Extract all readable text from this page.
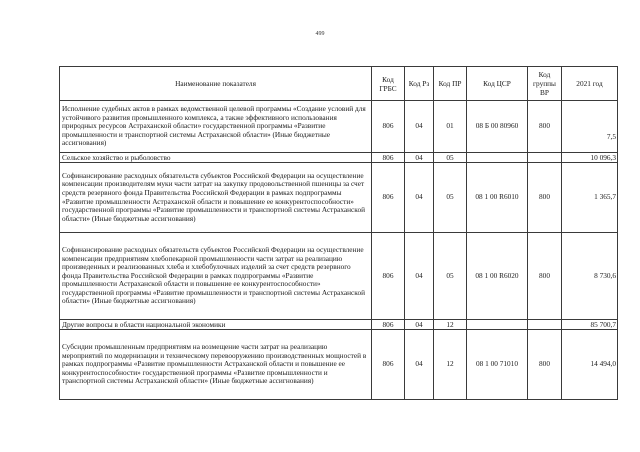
499
Наименование показателя	Код ГРБС	Код Рз	Код ПР	Код ЦСР	Код группы ВР	2021 год
Исполнение судебных актов в рамках ведомственной целевой программы «Создание условий для устойчивого развития промышленного комплекса, а также эффективного использования природных ресурсов Астраханской области» государственной программы «Развитие промышленности и транспортной системы Астраханской области» (Иные бюджетные ассигнования)	806	04	01	08 Б 00 80960	800	7,5
Сельское хозяйство и рыболовство	806	04	05			10 096,3
Софинансирование расходных обязательств субъектов Российской Федерации на осуществление компенсации производителям муки части затрат на закупку продовольственной пшеницы за счет средств резервного фонда Правительства Российской Федерации в рамках подпрограммы «Развитие промышленности Астраханской области и повышение ее конкурентоспособности» государственной программы «Развитие промышленности и транспортной системы Астраханской области» (Иные бюджетные ассигнования)	806	04	05	08 1 00 R6010	800	1 365,7
Софинансирование расходных обязательств субъектов Российской Федерации на осуществление компенсации предприятиям хлебопекарной промышленности части затрат на реализацию произведенных и реализованных хлеба и хлебобулочных изделий за счет средств резервного фонда Правительства Российской Федерации в рамках подпрограммы «Развитие промышленности Астраханской области и повышение ее конкурентоспособности» государственной программы «Развитие промышленности и транспортной системы Астраханской области» (Иные бюджетные ассигнования)	806	04	05	08 1 00 R6020	800	8 730,6
Другие вопросы в области национальной экономики	806	04	12			85 700,7
Субсидии промышленным предприятиям на возмещение части затрат на реализацию мероприятий по модернизации и техническому перевооружению производственных мощностей в рамках подпрограммы «Развитие промышленности Астраханской области и повышение ее конкурентоспособности» государственной программы «Развитие промышленности и транспортной системы Астраханской области» (Иные бюджетные ассигнования)	806	04	12	08 1 00 71010	800	14 494,0
